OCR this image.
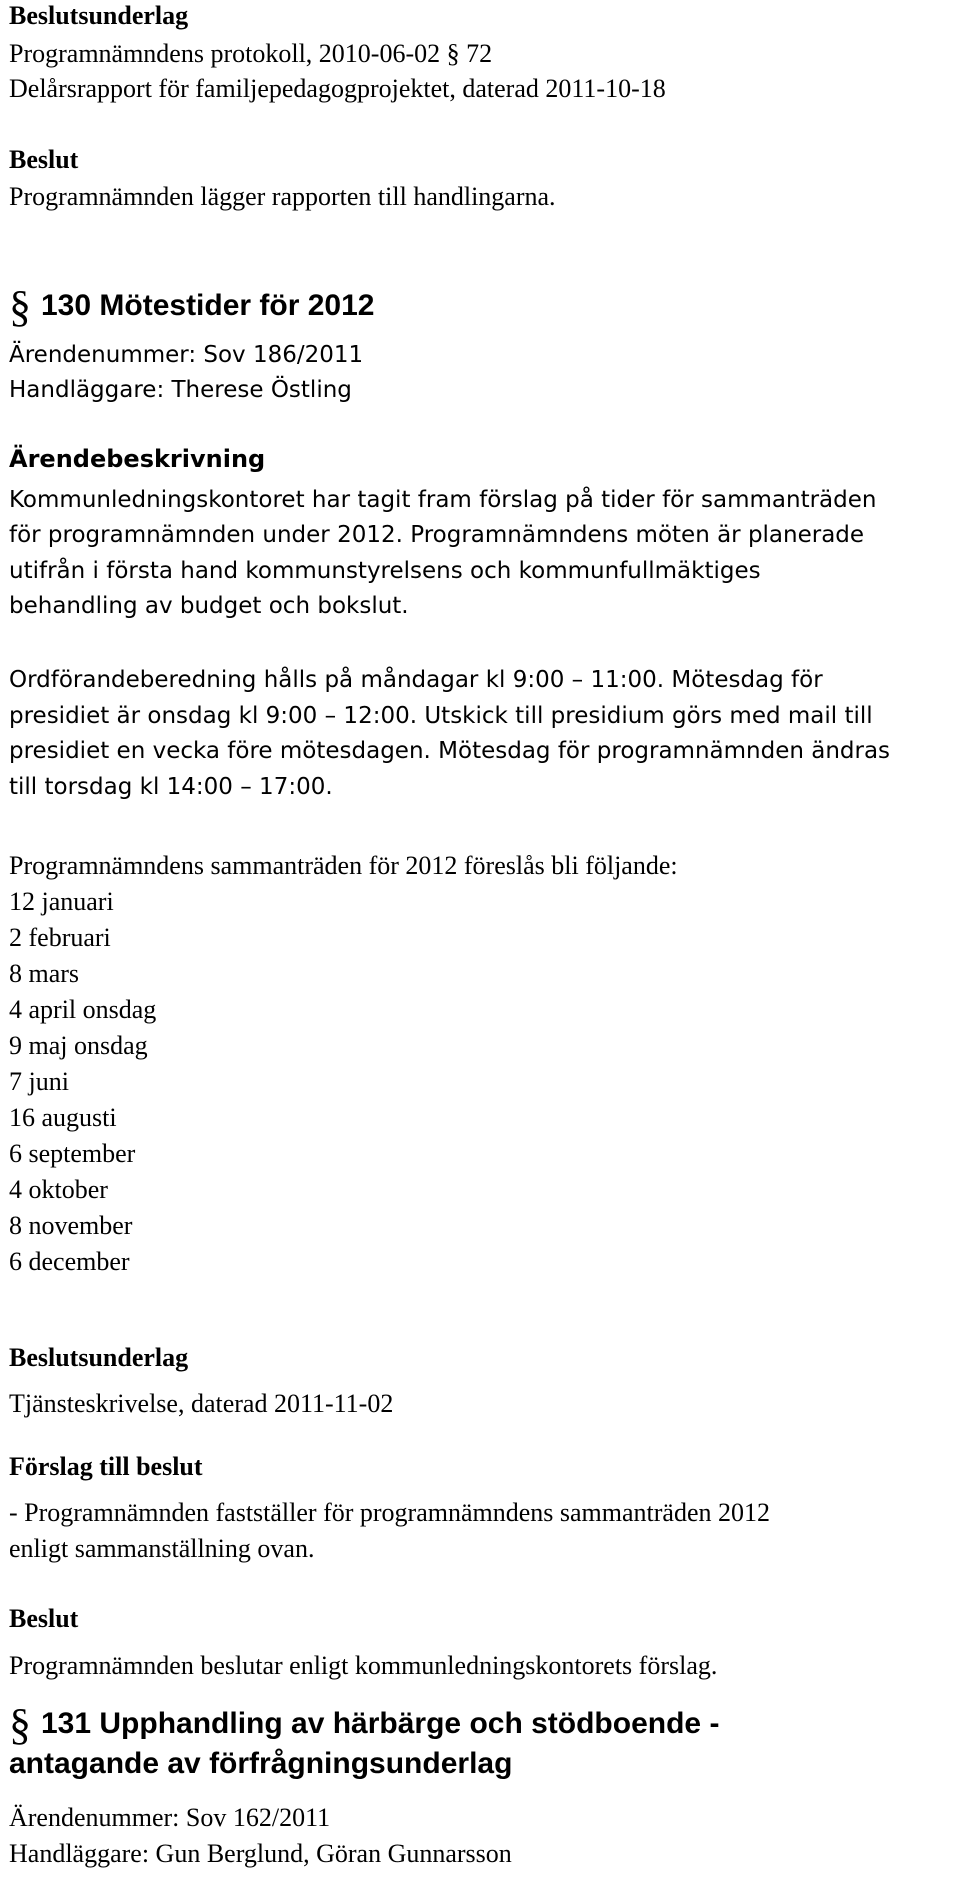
Beslutsunderlag
Programnämndens protokoll, 2010-06-02 § 72
Delårsrapport för familjepedagogprojektet, daterad 2011-10-18
Beslut
Programnämnden lägger rapporten till handlingarna.
§ 130 Mötestider för 2012
Ärendenummer: Sov 186/2011
Handläggare: Therese Östling
Ärendebeskrivning
Kommunledningskontoret har tagit fram förslag på tider för sammanträden
för programnämnden under 2012. Programnämndens möten är planerade
utifrån i första hand kommunstyrelsens och kommunfullmäktiges
behandling av budget och bokslut.
Ordförandeberedning hålls på måndagar kl 9:00 – 11:00. Mötesdag för
presidiet är onsdag kl 9:00 – 12:00. Utskick till presidium görs med mail till
presidiet en vecka före mötesdagen. Mötesdag för programnämnden ändras
till torsdag kl 14:00 – 17:00.
Programnämndens sammanträden för 2012 föreslås bli följande:
12 januari
2 februari
8 mars
4 april onsdag
9 maj onsdag
7 juni
16 augusti
6 september
4 oktober
8 november
6 december
Beslutsunderlag
Tjänsteskrivelse, daterad 2011-11-02
Förslag till beslut
- Programnämnden fastställer för programnämndens sammanträden 2012
enligt sammanställning ovan.
Beslut
Programnämnden beslutar enligt kommunledningskontorets förslag.
§ 131 Upphandling av härbärge och stödboende -
antagande av förfrågningsunderlag
Ärendenummer: Sov 162/2011
Handläggare: Gun Berglund, Göran Gunnarsson
